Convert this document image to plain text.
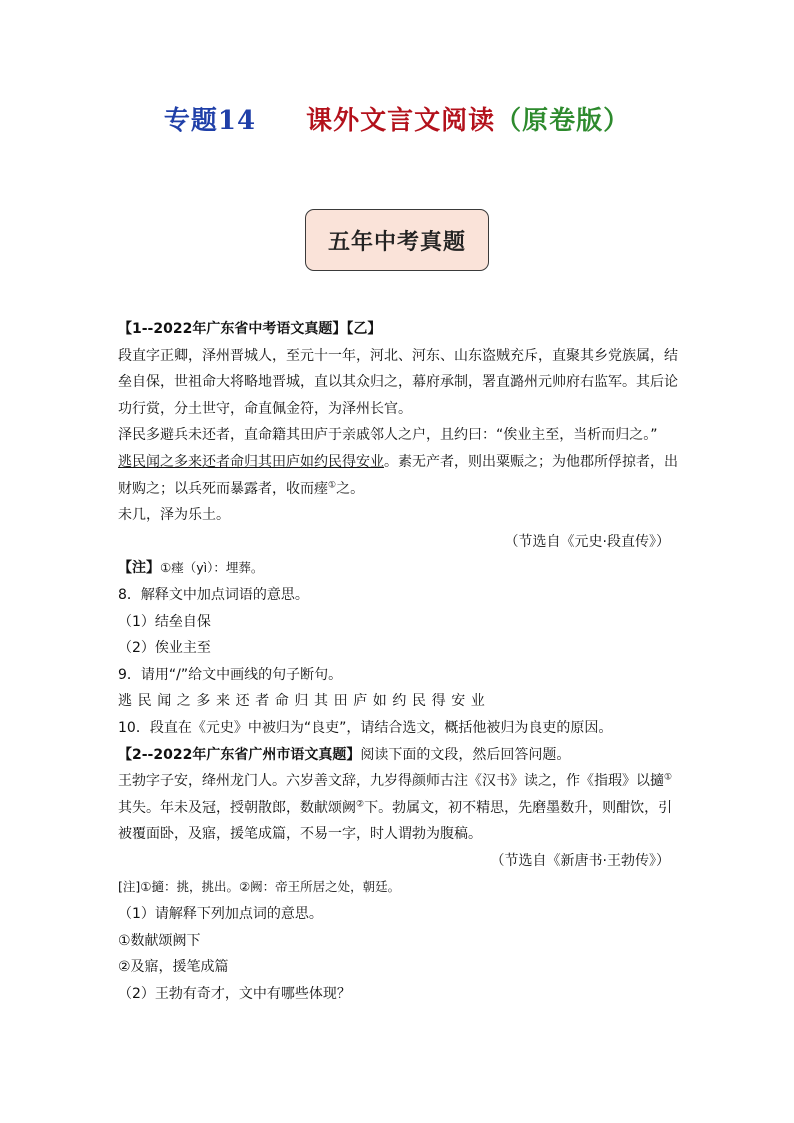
专题14 课外文言文阅读 （原卷版）
五年中考真题
【1--2022年广东省中考语文真题】【乙】
段直字正卿，泽州晋城人，至元十一年，河北、河东、山东盗贼充斥，直聚其乡党族属，结
垒自保，世祖命大将略地晋城，直以其众归之，幕府承制，署直潞州元帅府右监军。其后论
功行赏，分土世守，命直佩金符，为泽州长官。
泽民多避兵未还者，直命籍其田庐于亲戚邻人之户，且约曰：“俟业主至，当析而归之。”
逃民闻之多来还者命归其田庐如约民得安业。素无产者，则出粟赈之；为他郡所俘掠者，出
财购之；以兵死而暴露者，收而瘗①之。
未几，泽为乐土。
（节选自《元史·段直传》）
【注】①瘗（yì）：埋葬。
8．解释文中加点词语的意思。
（1）结垒自保
（2）俟业主至
9．请用“/”给文中画线的句子断句。
逃民闻之多来还者命归其田庐如约民得安业
10．段直在《元史》中被归为“良吏”，请结合选文，概括他被归为良吏的原因。
【2--2022年广东省广州市语文真题】阅读下面的文段，然后回答问题。
王勃字子安，绛州龙门人。六岁善文辞，九岁得颜师古注《汉书》读之，作《指瑕》以擿①
其失。年未及冠，授朝散郎，数献颂阙②下。勃属文，初不精思，先磨墨数升，则酣饮，引
被覆面卧，及寤，援笔成篇，不易一字，时人谓勃为腹稿。
（节选自《新唐书·王勃传》）
[注]①擿：挑，挑出。②阙：帝王所居之处，朝廷。
（1）请解释下列加点词的意思。
①数献颂阙下
②及寤，援笔成篇
（2）王勃有奇才，文中有哪些体现？
